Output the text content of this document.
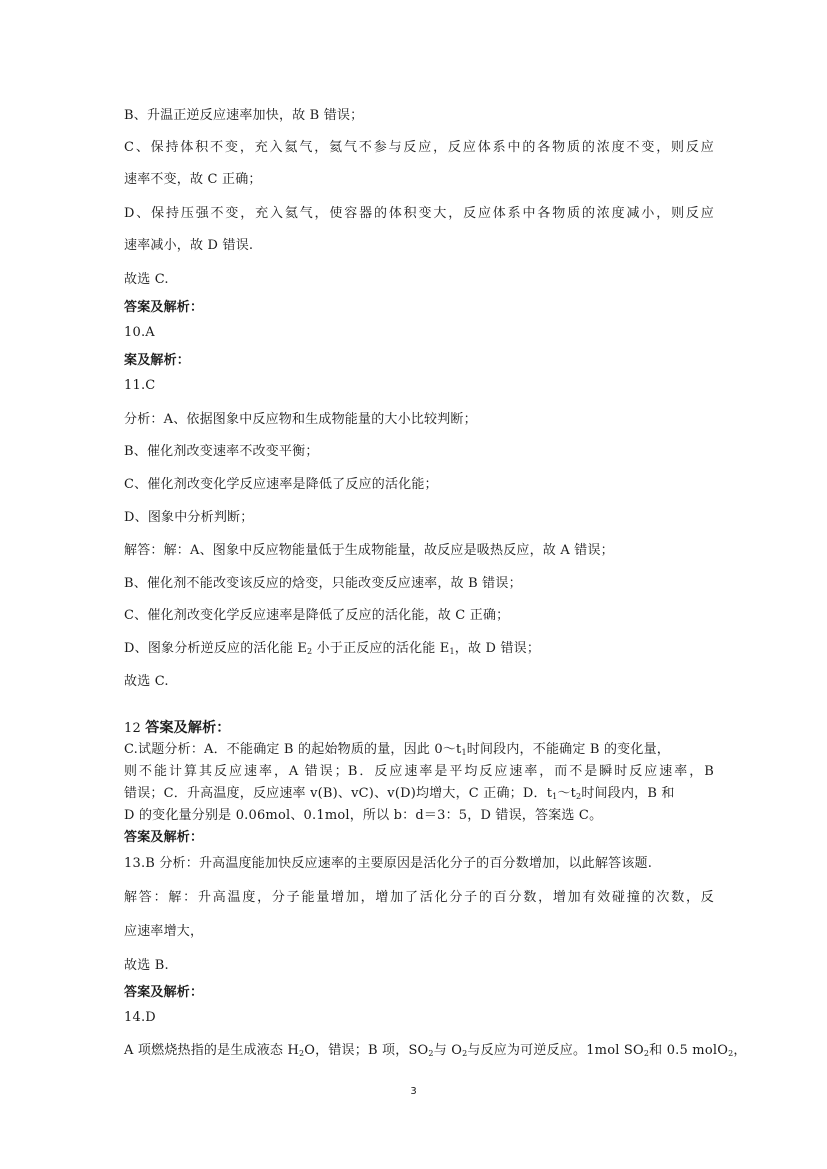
B、升温正逆反应速率加快，故 B 错误；
C、保持体积不变，充入氦气，氦气不参与反应，反应体系中的各物质的浓度不变，则反应
速率不变，故 C 正确；
D、保持压强不变，充入氦气，使容器的体积变大，反应体系中各物质的浓度减小，则反应
速率减小，故 D 错误.
故选 C.
答案及解析：
10.A
案及解析：
11.C
分析：A、依据图象中反应物和生成物能量的大小比较判断；
B、催化剂改变速率不改变平衡；
C、催化剂改变化学反应速率是降低了反应的活化能；
D、图象中分析判断；
解答：解：A、图象中反应物能量低于生成物能量，故反应是吸热反应，故 A 错误；
B、催化剂不能改变该反应的焓变，只能改变反应速率，故 B 错误；
C、催化剂改变化学反应速率是降低了反应的活化能，故 C 正确；
D、图象分析逆反应的活化能 $E_2$ 小于正反应的活化能 $E_1$，故 D 错误；
故选 C.
12 答案及解析：
C.试题分析：A．不能确定 B 的起始物质的量，因此 $0\sim t_1$时间段内，不能确定 B 的变化量，
则不能计算其反应速率，A 错误；B．反应速率是平均反应速率，而不是瞬时反应速率，B
错误；C．升高温度，反应速率 v(B)、vC)、v(D)均增大，C 正确；D．$t_1\sim t_2$时间段内，B 和
D 的变化量分别是 0.06mol、0.1mol，所以 b：d＝3：5，D 错误，答案选 C。
答案及解析：
13.B 分析：升高温度能加快反应速率的主要原因是活化分子的百分数增加，以此解答该题.
解答：解：升高温度，分子能量增加，增加了活化分子的百分数，增加有效碰撞的次数，反
应速率增大，
故选 B.
答案及解析：
14.D
A 项燃烧热指的是生成液态 $H_2O$，错误；B 项，$SO_2$与 $O_2$与反应为可逆反应。1mol $SO_2$和 0.5 molO$_2$，
3
